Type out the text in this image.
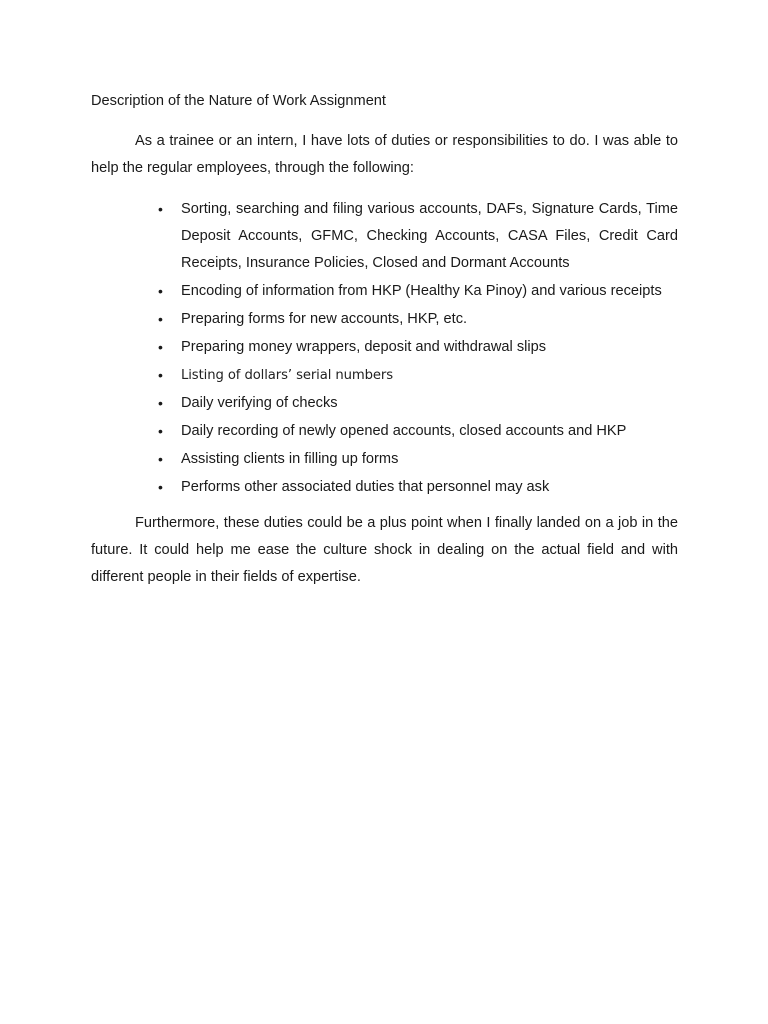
Description of the Nature of Work Assignment

As a trainee or an intern, I have lots of duties or responsibilities to do. I was able to help the regular employees, through the following:

• Sorting, searching and filing various accounts, DAFs, Signature Cards, Time Deposit Accounts, GFMC, Checking Accounts, CASA Files, Credit Card Receipts, Insurance Policies, Closed and Dormant Accounts
• Encoding of information from HKP (Healthy Ka Pinoy) and various receipts
• Preparing forms for new accounts, HKP, etc.
• Preparing money wrappers, deposit and withdrawal slips
• Listing of dollars’ serial numbers
• Daily verifying of checks
• Daily recording of newly opened accounts, closed accounts and HKP
• Assisting clients in filling up forms
• Performs other associated duties that personnel may ask

Furthermore, these duties could be a plus point when I finally landed on a job in the future. It could help me ease the culture shock in dealing on the actual field and with different people in their fields of expertise.
